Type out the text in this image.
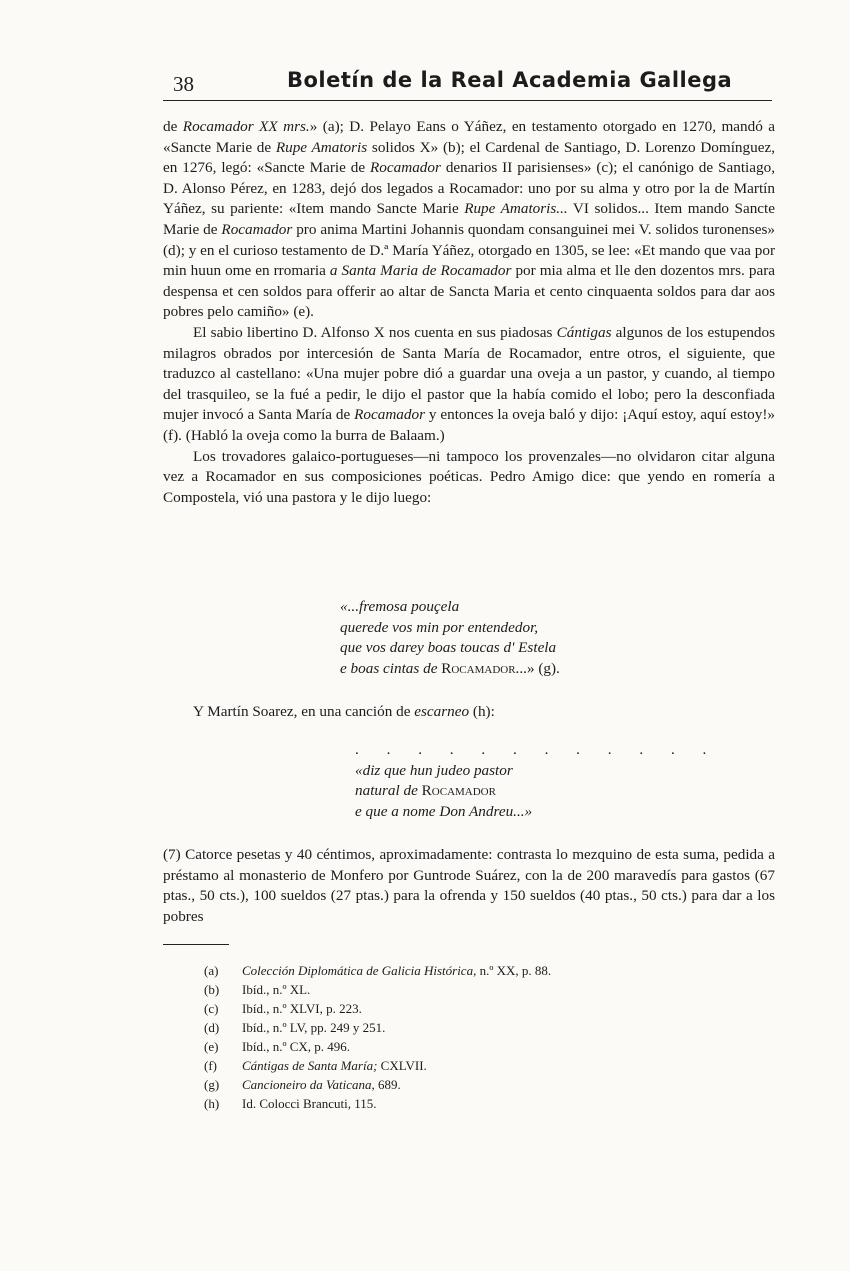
38	Boletín de la Real Academia Gallega

de Rocamador XX mrs.» (a); D. Pelayo Eans o Yáñez, en testamento otorgado en 1270, mandó a «Sancte Marie de Rupe Amatoris solidos X» (b); el Cardenal de Santiago, D. Lorenzo Domínguez, en 1276, legó: «Sancte Marie de Rocamador denarios II parisienses» (c); el canónigo de Santiago, D. Alonso Pérez, en 1283, dejó dos legados a Rocamador: uno por su alma y otro por la de Martín Yáñez, su pariente: «Item mando Sancte Marie Rupe Amatoris... VI solidos... Item mando Sancte Marie de Rocamador pro anima Martini Johannis quondam consanguinei mei V. solidos turonenses» (d); y en el curioso testamento de D.ª María Yáñez, otorgado en 1305, se lee: «Et mando que vaa por min huun ome en rromaria a Santa Maria de Rocamador por mia alma et lle den dozentos mrs. para despensa et cen soldos para offerir ao altar de Sancta Maria et cento cinquaenta soldos para dar aos pobres pelo camiño» (e).

El sabio libertino D. Alfonso X nos cuenta en sus piadosas Cántigas algunos de los estupendos milagros obrados por intercesión de Santa María de Rocamador, entre otros, el siguiente, que traduzco al castellano: «Una mujer pobre dió a guardar una oveja a un pastor, y cuando, al tiempo del trasquileo, se la fué a pedir, le dijo el pastor que la había comido el lobo; pero la desconfiada mujer invocó a Santa María de Rocamador y entonces la oveja baló y dijo: ¡Aquí estoy, aquí estoy!» (f). (Habló la oveja como la burra de Balaam.)

Los trovadores galaico-portugueses—ni tampoco los provenzales—no olvidaron citar alguna vez a Rocamador en sus composiciones poéticas. Pedro Amigo dice: que yendo en romería a Compostela, vió una pastora y le dijo luego:

«...fremosa pouçela

querede vos min por entendedor,

que vos darey boas toucas d' Estela

e boas cintas de Rocamador...» (g).

Y Martín Soarez, en una canción de escarneo (h):

. . . . . . . . . . . .

«diz que hun judeo pastor

natural de Rocamador

e que a nome Don Andreu...»

(7) Catorce pesetas y 40 céntimos, aproximadamente: contrasta lo mezquino de esta suma, pedida a préstamo al monasterio de Monfero por Guntrode Suárez, con la de 200 maravedís para gastos (67 ptas., 50 cts.), 100 sueldos (27 ptas.) para la ofrenda y 150 sueldos (40 ptas., 50 cts.) para dar a los pobres
(a) Colección Diplomática de Galicia Histórica, n.º XX, p. 88.
(b) Ibíd., n.º XL.
(c) Ibíd., n.º XLVI, p. 223.
(d) Ibíd., n.º LV, pp. 249 y 251.
(e) Ibíd., n.º CX, p. 496.
(f) Cántigas de Santa María; CXLVII.
(g) Cancioneiro da Vaticana, 689.
(h) Id. Colocci Brancuti, 115.
